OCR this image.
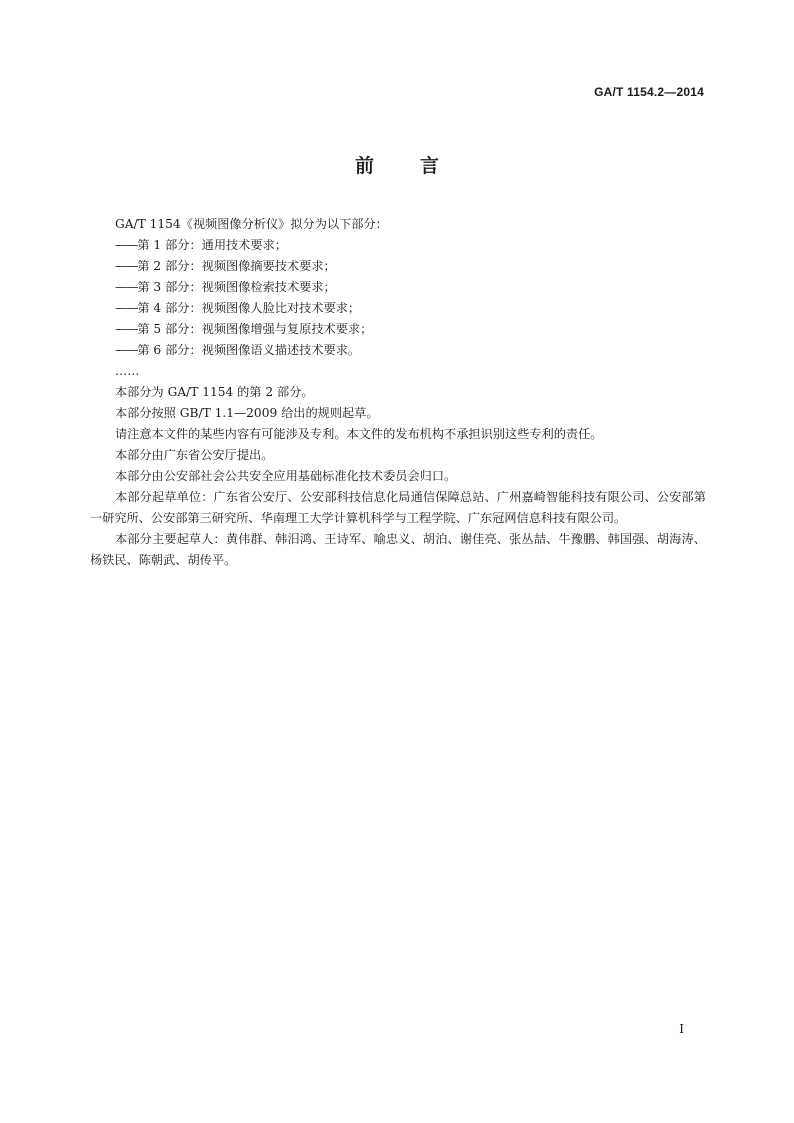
GA/T 1154.2—2014
前言

GA/T 1154《视频图像分析仪》拟分为以下部分：

——第 1 部分：通用技术要求；

——第 2 部分：视频图像摘要技术要求；

——第 3 部分：视频图像检索技术要求；

——第 4 部分：视频图像人脸比对技术要求；

——第 5 部分：视频图像增强与复原技术要求；

——第 6 部分：视频图像语义描述技术要求。

……

本部分为 GA/T 1154 的第 2 部分。

本部分按照 GB/T 1.1—2009 给出的规则起草。

请注意本文件的某些内容有可能涉及专利。本文件的发布机构不承担识别这些专利的责任。

本部分由广东省公安厅提出。

本部分由公安部社会公共安全应用基础标准化技术委员会归口。

本部分起草单位：广东省公安厅、公安部科技信息化局通信保障总站、广州嘉崎智能科技有限公司、公安部第一研究所、公安部第三研究所、华南理工大学计算机科学与工程学院、广东冠网信息科技有限公司。

本部分主要起草人：黄伟群、韩汨鸿、王诗军、喻忠义、胡泊、谢佳亮、张丛喆、牛豫鹏、韩国强、胡海涛、杨铁民、陈朝武、胡传平。

I
